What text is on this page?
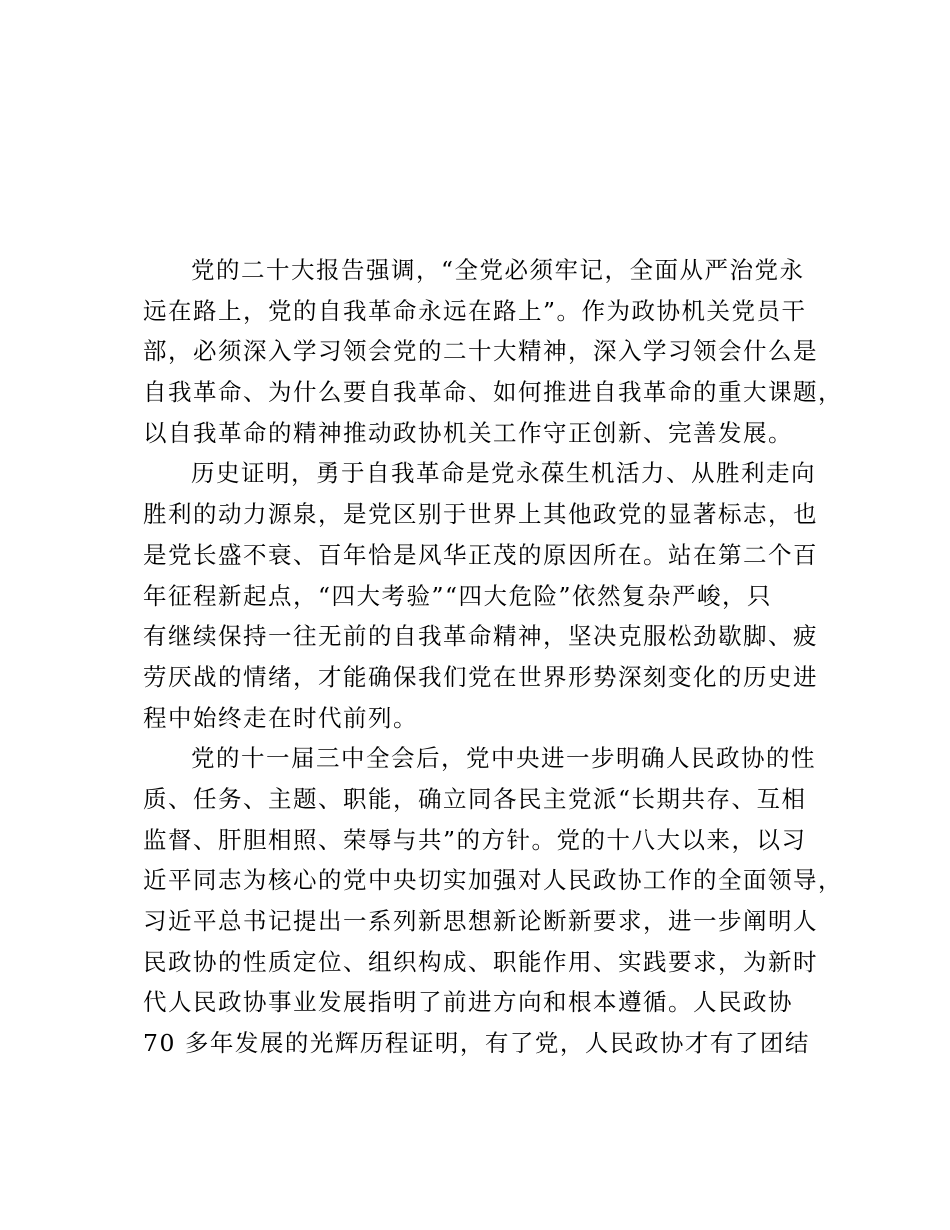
党的二十大报告强调，“全党必须牢记，全面从严治党永
远在路上，党的自我革命永远在路上”。作为政协机关党员干
部，必须深入学习领会党的二十大精神，深入学习领会什么是
自我革命、为什么要自我革命、如何推进自我革命的重大课题，
以自我革命的精神推动政协机关工作守正创新、完善发展。
历史证明，勇于自我革命是党永葆生机活力、从胜利走向
胜利的动力源泉，是党区别于世界上其他政党的显著标志，也
是党长盛不衰、百年恰是风华正茂的原因所在。站在第二个百
年征程新起点，“四大考验”“四大危险”依然复杂严峻，只
有继续保持一往无前的自我革命精神，坚决克服松劲歇脚、疲
劳厌战的情绪，才能确保我们党在世界形势深刻变化的历史进
程中始终走在时代前列。
党的十一届三中全会后，党中央进一步明确人民政协的性
质、任务、主题、职能，确立同各民主党派“长期共存、互相
监督、肝胆相照、荣辱与共”的方针。党的十八大以来，以习
近平同志为核心的党中央切实加强对人民政协工作的全面领导，
习近平总书记提出一系列新思想新论断新要求，进一步阐明人
民政协的性质定位、组织构成、职能作用、实践要求，为新时
代人民政协事业发展指明了前进方向和根本遵循。人民政协
70 多年发展的光辉历程证明，有了党，人民政协才有了团结
